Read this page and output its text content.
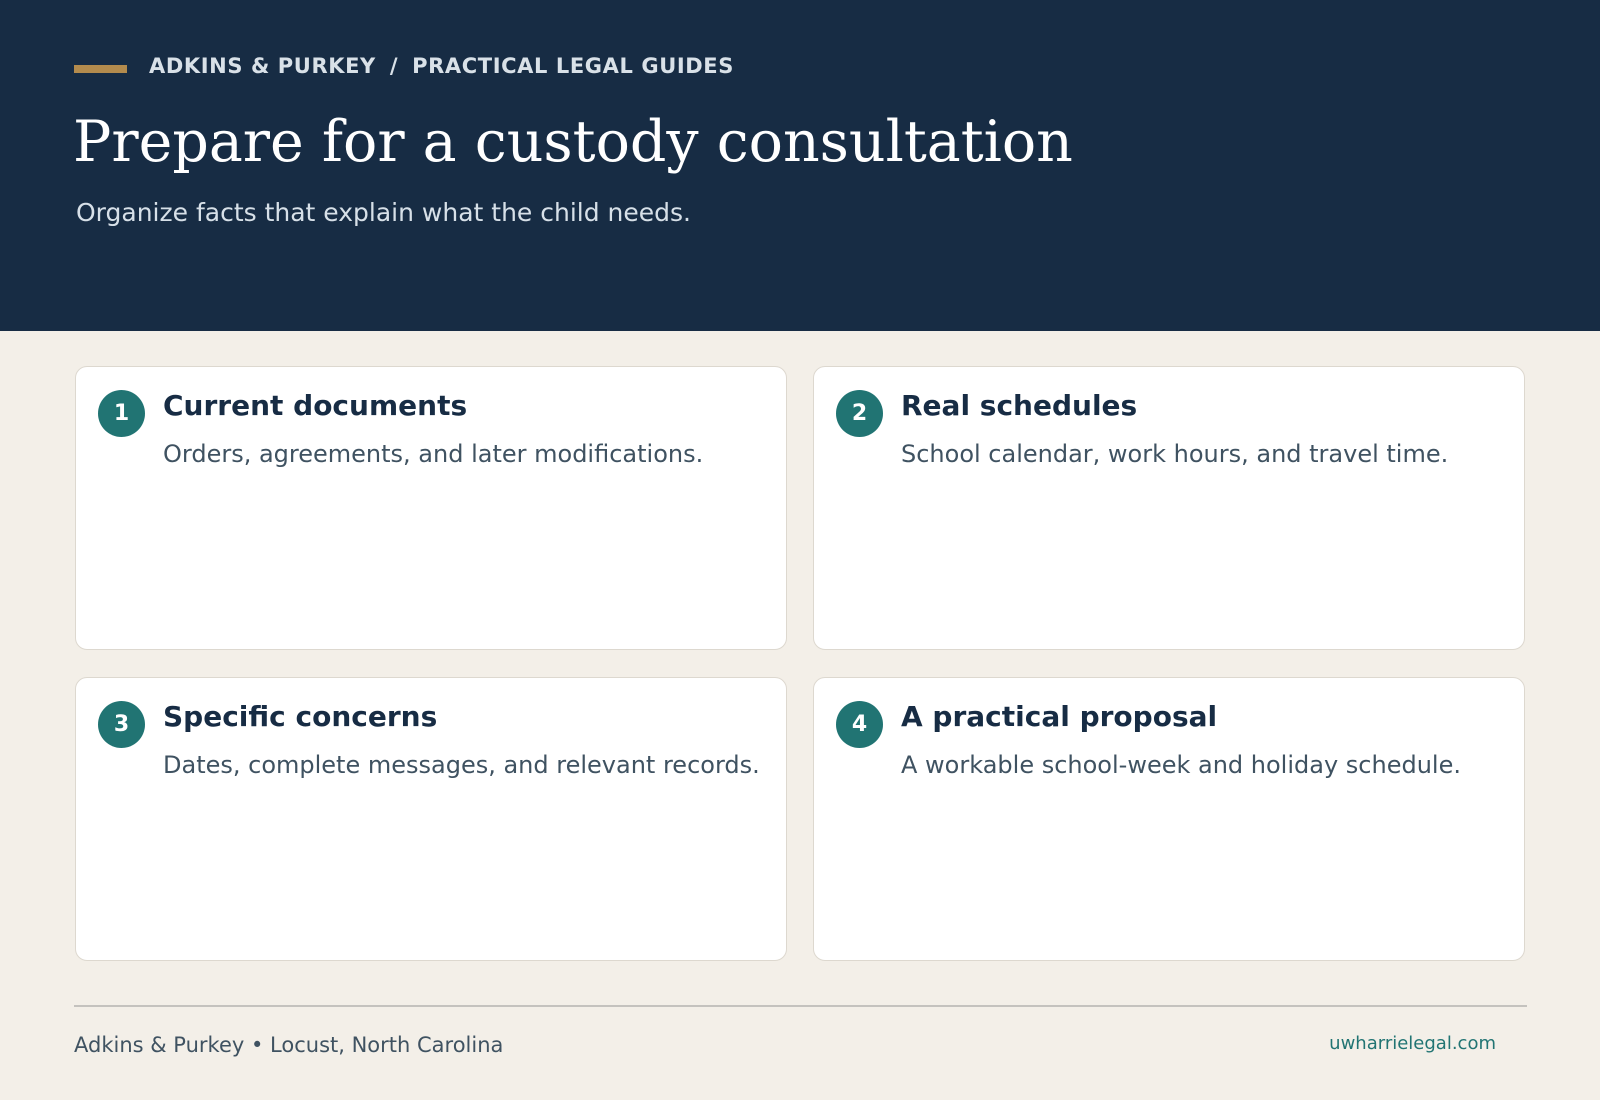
ADKINS & PURKEY / PRACTICAL LEGAL GUIDES
Prepare for a custody consultation

Organize facts that explain what the child needs.

1	Current documents

Orders, agreements, and later modifications.

2	Real schedules

School calendar, work hours, and travel time.

3	Specific concerns

Dates, complete messages, and relevant records.

4	A practical proposal

A workable school-week and holiday schedule.

Adkins & Purkey • Locust, North Carolina	uwharrielegal.com
